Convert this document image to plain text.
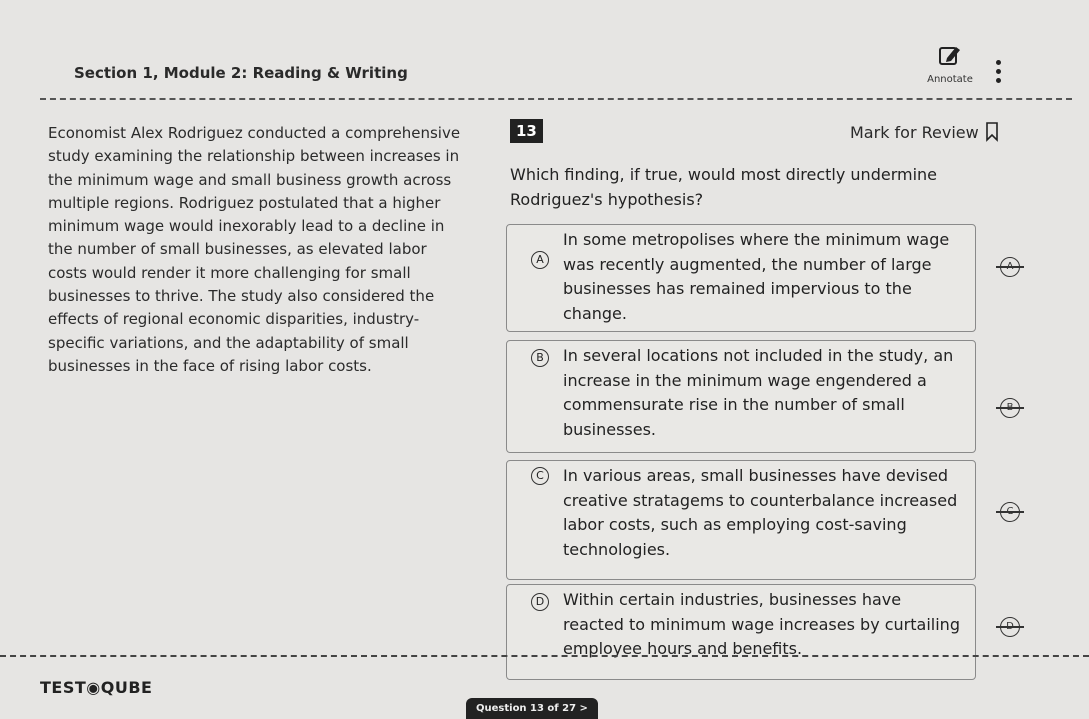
Section 1, Module 2: Reading & Writing	Annotate
Economist Alex Rodriguez conducted a comprehensive study examining the relationship between increases in the minimum wage and small business growth across multiple regions. Rodriguez postulated that a higher minimum wage would inexorably lead to a decline in the number of small businesses, as elevated labor costs would render it more challenging for small businesses to thrive. The study also considered the effects of regional economic disparities, industry-specific variations, and the adaptability of small businesses in the face of rising labor costs.
13	Mark for Review
Which finding, if true, would most directly undermine Rodriguez's hypothesis?
A
In some metropolises where the minimum wage was recently augmented, the number of large businesses has remained impervious to the change.
B	In several locations not included in the study, an increase in the minimum wage engendered a commensurate rise in the number of small businesses.
C	In various areas, small businesses have devised creative stratagems to counterbalance increased labor costs, such as employing cost-saving technologies.
D Within certain industries, businesses have reacted to minimum wage increases by curtailing employee hours and benefits.
TEST◉QUBE
Question 13 of 27 >
